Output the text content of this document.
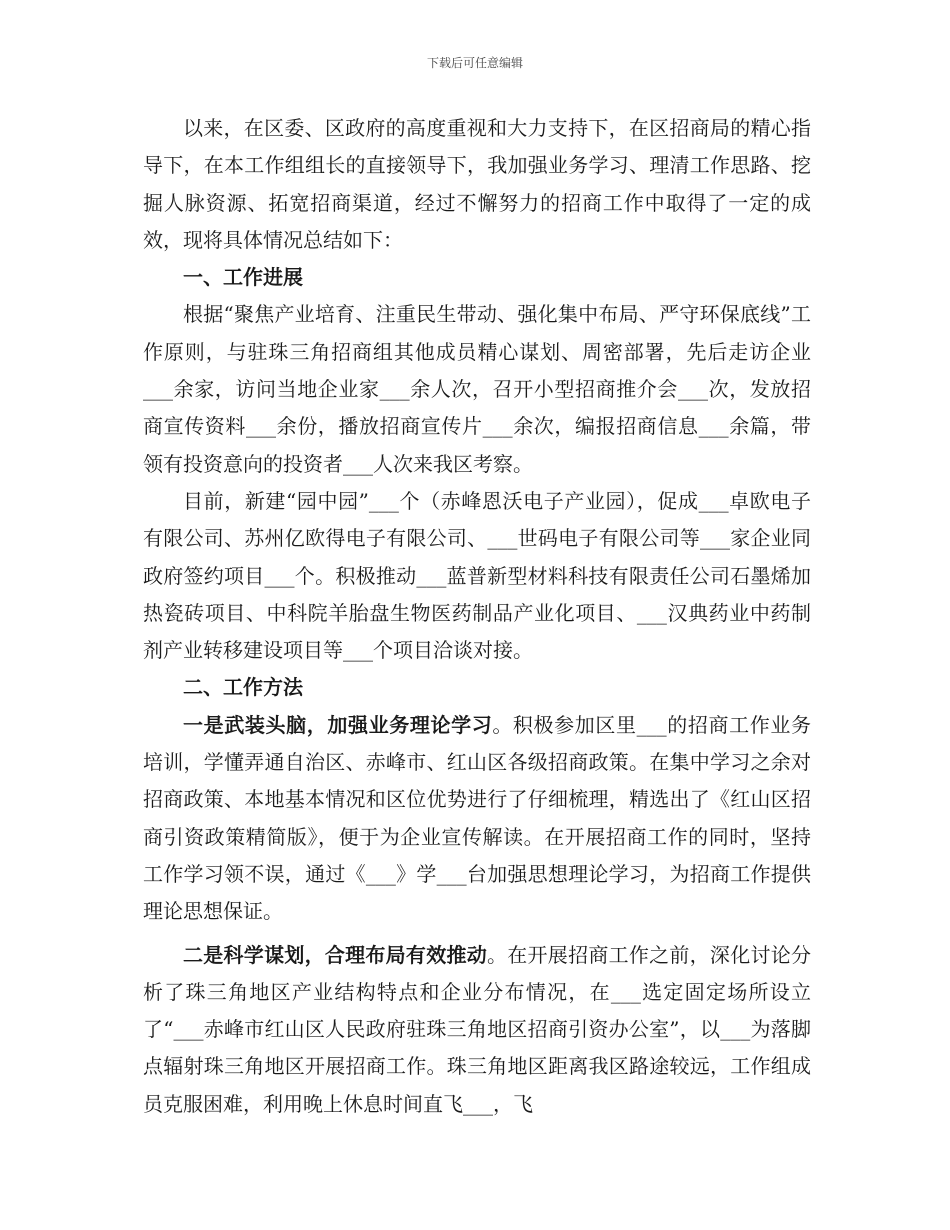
下载后可任意编辑

以来，在区委、区政府的高度重视和大力支持下，在区招商局的精心指导下，在本工作组组长的直接领导下，我加强业务学习、理清工作思路、挖掘人脉资源、拓宽招商渠道，经过不懈努力的招商工作中取得了一定的成效，现将具体情况总结如下：

一、工作进展

根据“聚焦产业培育、注重民生带动、强化集中布局、严守环保底线”工作原则，与驻珠三角招商组其他成员精心谋划、周密部署，先后走访企业___余家，访问当地企业家___余人次，召开小型招商推介会___次，发放招商宣传资料___余份，播放招商宣传片___余次，编报招商信息___余篇，带领有投资意向的投资者___人次来我区考察。

目前，新建“园中园”___个（赤峰恩沃电子产业园），促成___卓欧电子有限公司、苏州亿欧得电子有限公司、___世码电子有限公司等___家企业同政府签约项目___个。积极推动___蓝普新型材料科技有限责任公司石墨烯加热瓷砖项目、中科院羊胎盘生物医药制品产业化项目、___汉典药业中药制剂产业转移建设项目等___个项目洽谈对接。

二、工作方法

一是武装头脑，加强业务理论学习。积极参加区里___的招商工作业务培训，学懂弄通自治区、赤峰市、红山区各级招商政策。在集中学习之余对招商政策、本地基本情况和区位优势进行了仔细梳理，精选出了《红山区招商引资政策精简版》，便于为企业宣传解读。在开展招商工作的同时，坚持工作学习领不误，通过《___》学___台加强思想理论学习，为招商工作提供理论思想保证。

二是科学谋划，合理布局有效推动。在开展招商工作之前，深化讨论分析了珠三角地区产业结构特点和企业分布情况，在___选定固定场所设立了“___赤峰市红山区人民政府驻珠三角地区招商引资办公室”，以___为落脚点辐射珠三角地区开展招商工作。珠三角地区距离我区路途较远，工作组成员克服困难，利用晚上休息时间直飞___，飞
